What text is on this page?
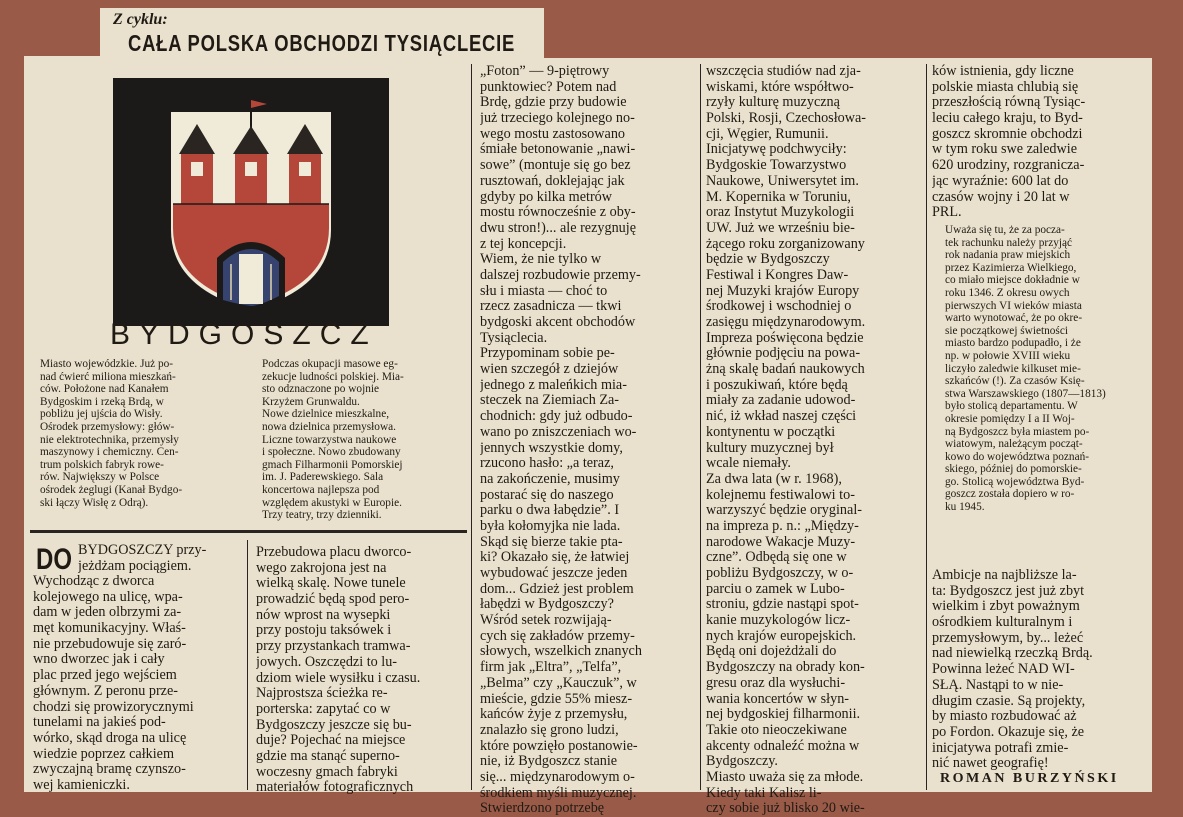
Z cyklu:
CAŁA POLSKA OBCHODZI TYSIĄCLECIE
BYDGOSZCZ
Miasto wojewódzkie. Już po-
nad ćwierć miliona mieszkań-
ców. Położone nad Kanałem
Bydgoskim i rzeką Brdą, w
pobliżu jej ujścia do Wisły.
Ośrodek przemysłowy: głów-
nie elektrotechnika, przemysły
maszynowy i chemiczny. Cen-
trum polskich fabryk rowe-
rów. Największy w Polsce
ośrodek żeglugi (Kanał Bydgo-
ski łączy Wisłę z Odrą).
Podczas okupacji masowe eg-
zekucje ludności polskiej. Mia-
sto odznaczone po wojnie
Krzyżem Grunwaldu.
Nowe dzielnice mieszkalne,
nowa dzielnica przemysłowa.
Liczne towarzystwa naukowe
i społeczne. Nowo zbudowany
gmach Filharmonii Pomorskiej
im. J. Paderewskiego. Sala
koncertowa najlepsza pod
względem akustyki w Europie.
Trzy teatry, trzy dzienniki.
DO BYDGOSZCZY przy-
jeżdżam pociągiem.
Wychodząc z dworca
kolejowego na ulicę, wpa-
dam w jeden olbrzymi za-
męt komunikacyjny. Właś-
nie przebudowuje się zaró-
wno dworzec jak i cały
plac przed jego wejściem
głównym. Z peronu prze-
chodzi się prowizorycznymi
tunelami na jakieś pod-
wórko, skąd droga na ulicę
wiedzie poprzez całkiem
zwyczajną bramę czynszo-
wej kamieniczki.
Przebudowa placu dworco-
wego zakrojona jest na
wielką skalę. Nowe tunele
prowadzić będą spod pero-
nów wprost na wysepki
przy postoju taksówek i
przy przystankach tramwa-
jowych. Oszczędzi to lu-
dziom wiele wysiłku i czasu.
Najprostsza ścieżka re-
porterska: zapytać co w
Bydgoszczy jeszcze się bu-
duje? Pojechać na miejsce
gdzie ma stanąć superno-
woczesny gmach fabryki
materiałów fotograficznych
„Foton” — 9-piętrowy
punktowiec? Potem nad
Brdę, gdzie przy budowie
już trzeciego kolejnego no-
wego mostu zastosowano
śmiałe betonowanie „nawi-
sowe” (montuje się go bez
rusztowań, doklejając jak
gdyby po kilka metrów
mostu równocześnie z oby-
dwu stron!)... ale rezygnuję
z tej koncepcji.
Wiem, że nie tylko w
dalszej rozbudowie przemy-
słu i miasta — choć to
rzecz zasadnicza — tkwi
bydgoski akcent obchodów
Tysiąclecia.
Przypominam sobie pe-
wien szczegół z dziejów
jednego z maleńkich mia-
steczek na Ziemiach Za-
chodnich: gdy już odbudo-
wano po zniszczeniach wo-
jennych wszystkie domy,
rzucono hasło: „a teraz,
na zakończenie, musimy
postarać się do naszego
parku o dwa łabędzie”. I
była kołomyjka nie lada.
Skąd się bierze takie pta-
ki? Okazało się, że łatwiej
wybudować jeszcze jeden
dom... Gdzież jest problem
łabędzi w Bydgoszczy?
Wśród setek rozwijają-
cych się zakładów przemy-
słowych, wszelkich znanych
firm jak „Eltra”, „Telfa”,
„Belma” czy „Kauczuk”, w
mieście, gdzie 55% miesz-
kańców żyje z przemysłu,
znalazło się grono ludzi,
które powzięło postanowie-
nie, iż Bydgoszcz stanie
się... międzynarodowym o-
środkiem myśli muzycznej.
Stwierdzono potrzebę
wszczęcia studiów nad zja-
wiskami, które współtwo-
rzyły kulturę muzyczną
Polski, Rosji, Czechosłowa-
cji, Węgier, Rumunii.
Inicjatywę podchwyciły:
Bydgoskie Towarzystwo
Naukowe, Uniwersytet im.
M. Kopernika w Toruniu,
oraz Instytut Muzykologii
UW. Już we wrześniu bie-
żącego roku zorganizowany
będzie w Bydgoszczy
Festiwal i Kongres Daw-
nej Muzyki krajów Europy
środkowej i wschodniej o
zasięgu międzynarodowym.
Impreza poświęcona będzie
głównie podjęciu na powa-
żną skalę badań naukowych
i poszukiwań, które będą
miały za zadanie udowod-
nić, iż wkład naszej części
kontynentu w początki
kultury muzycznej był
wcale niemały.
Za dwa lata (w r. 1968),
kolejnemu festiwalowi to-
warzyszyć będzie oryginal-
na impreza p. n.: „Między-
narodowe Wakacje Muzy-
czne”. Odbędą się one w
pobliżu Bydgoszczy, w o-
parciu o zamek w Lubo-
stroniu, gdzie nastąpi spot-
kanie muzykologów licz-
nych krajów europejskich.
Będą oni dojeżdżali do
Bydgoszczy na obrady kon-
gresu oraz dla wysłuchi-
wania koncertów w słyn-
nej bydgoskiej filharmonii.
Takie oto nieoczekiwane
akcenty odnaleźć można w
Bydgoszczy.
Miasto uważa się za młode.
Kiedy taki Kalisz li-
czy sobie już blisko 20 wie-
ków istnienia, gdy liczne
polskie miasta chlubią się
przeszłością równą Tysiąc-
leciu całego kraju, to Byd-
goszcz skromnie obchodzi
w tym roku swe zaledwie
620 urodziny, rozgranicza-
jąc wyraźnie: 600 lat do
czasów wojny i 20 lat w
PRL.
Uważa się tu, że za pocza-
tek rachunku należy przyjąć
rok nadania praw miejskich
przez Kazimierza Wielkiego,
co miało miejsce dokładnie w
roku 1346. Z okresu owych
pierwszych VI wieków miasta
warto wynotować, że po okre-
sie początkowej świetności
miasto bardzo podupadło, i że
np. w połowie XVIII wieku
liczyło zaledwie kilkuset mie-
szkańców (!). Za czasów Księ-
stwa Warszawskiego (1807—1813)
było stolicą departamentu. W
okresie pomiędzy I a II Woj-
ną Bydgoszcz była miastem po-
wiatowym, należącym począt-
kowo do województwa poznań-
skiego, później do pomorskie-
go. Stolicą województwa Byd-
goszcz została dopiero w ro-
ku 1945.
Ambicje na najbliższe la-
ta: Bydgoszcz jest już zbyt
wielkim i zbyt poważnym
ośrodkiem kulturalnym i
przemysłowym, by... leżeć
nad niewielką rzeczką Brdą.
Powinna leżeć NAD WI-
SŁĄ. Nastąpi to w nie-
długim czasie. Są projekty,
by miasto rozbudować aż
po Fordon. Okazuje się, że
inicjatywa potrafi zmie-
nić nawet geografię!
ROMAN BURZYŃSKI
